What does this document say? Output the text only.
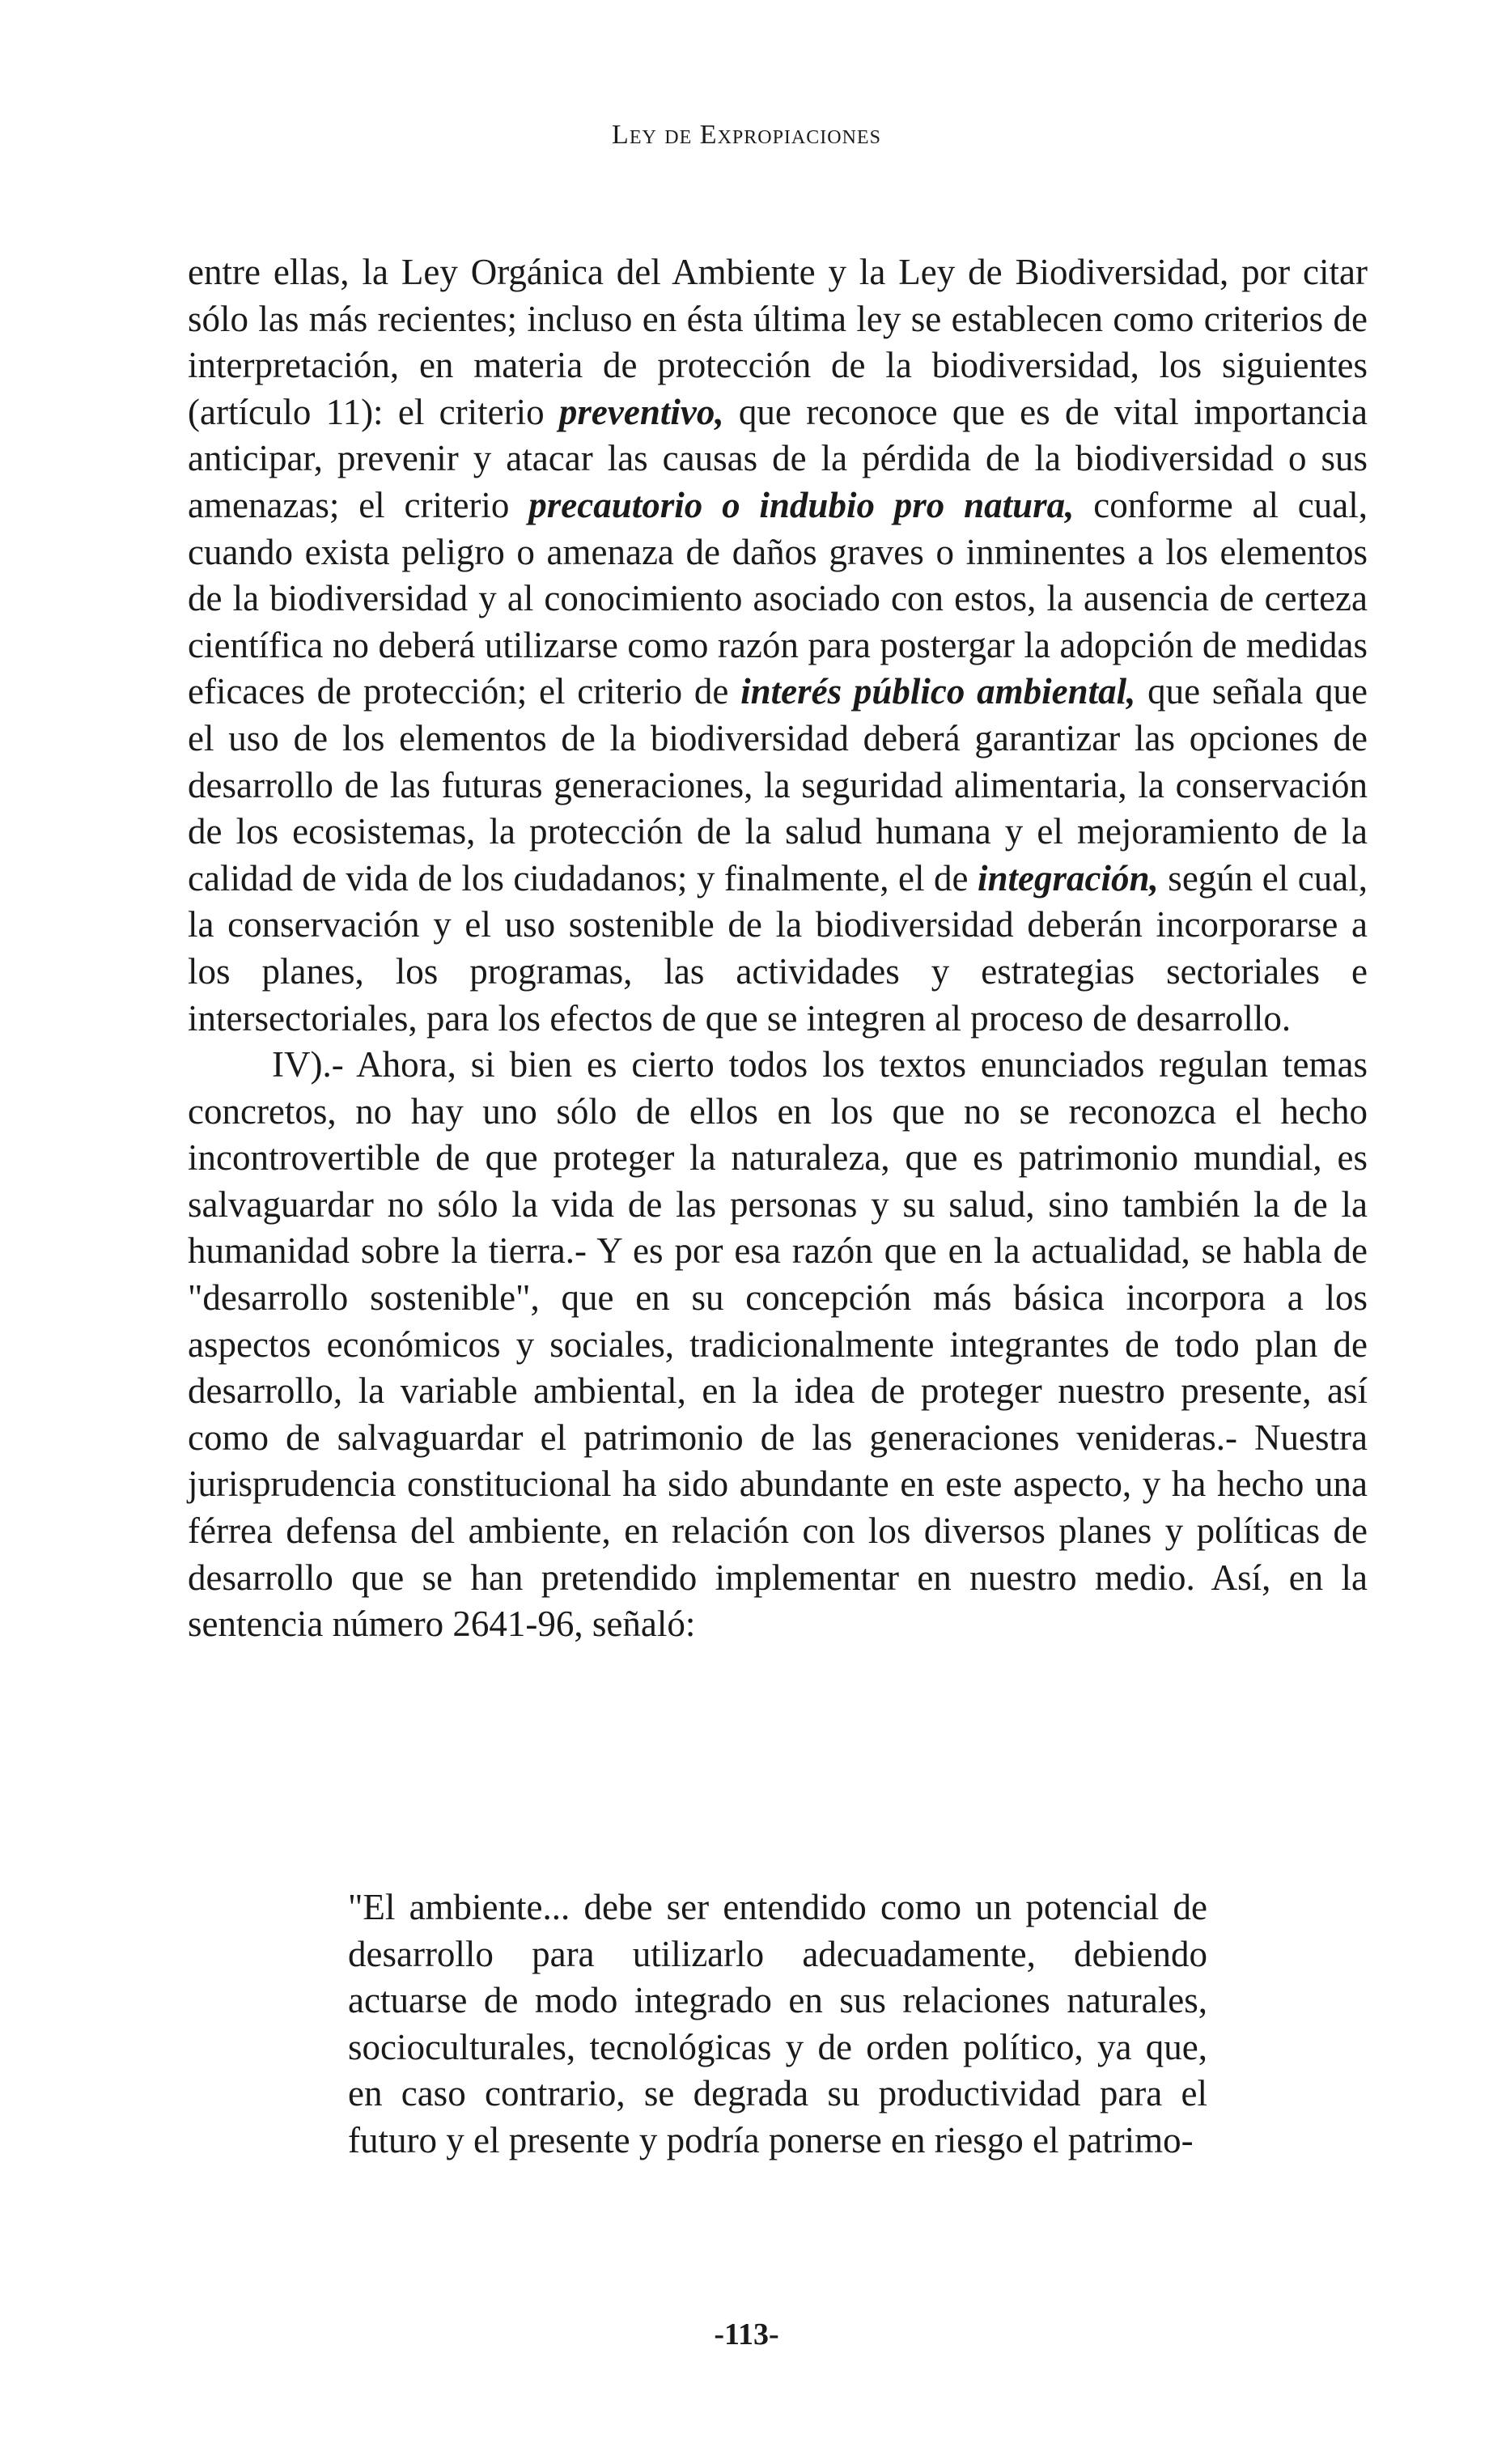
Ley de Expropiaciones

entre ellas, la Ley Orgánica del Ambiente y la Ley de Biodiversidad, por citar sólo las más recientes; incluso en ésta última ley se establecen como criterios de interpretación, en materia de protección de la biodiversidad, los siguientes (artículo 11): el criterio preventivo, que reconoce que es de vital importancia anticipar, prevenir y atacar las causas de la pérdida de la biodiversidad o sus amenazas; el criterio precautorio o indubio pro natura, conforme al cual, cuando exista peligro o amenaza de daños graves o inminentes a los elementos de la biodiversidad y al conocimiento asociado con estos, la ausencia de certeza científica no deberá utilizarse como razón para postergar la adopción de medidas eficaces de protección; el criterio de interés público ambiental, que señala que el uso de los elementos de la biodiversidad deberá garantizar las opciones de desarrollo de las futuras generaciones, la seguridad alimentaria, la conservación de los ecosistemas, la protección de la salud humana y el mejoramiento de la calidad de vida de los ciudadanos; y finalmente, el de integración, según el cual, la conservación y el uso sostenible de la biodiversidad deberán incorporarse a los planes, los programas, las actividades y estrategias sectoriales e intersectoriales, para los efectos de que se integren al proceso de desarrollo.

IV).- Ahora, si bien es cierto todos los textos enunciados regulan temas concretos, no hay uno sólo de ellos en los que no se reconozca el hecho incontrovertible de que proteger la naturaleza, que es patrimonio mundial, es salvaguardar no sólo la vida de las personas y su salud, sino también la de la humanidad sobre la tierra.- Y es por esa razón que en la actualidad, se habla de "desarrollo sostenible", que en su concepción más básica incorpora a los aspectos económicos y sociales, tradicionalmente integrantes de todo plan de desarrollo, la variable ambiental, en la idea de proteger nuestro presente, así como de salvaguardar el patrimonio de las generaciones venideras.- Nuestra jurisprudencia constitucional ha sido abundante en este aspecto, y ha hecho una férrea defensa del ambiente, en relación con los diversos planes y políticas de desarrollo que se han pretendido implementar en nuestro medio. Así, en la sentencia número 2641-96, señaló:

"El ambiente... debe ser entendido como un potencial de desarrollo para utilizarlo adecuadamente, debiendo actuarse de modo integrado en sus relaciones naturales, socioculturales, tecnológicas y de orden político, ya que, en caso contrario, se degrada su productividad para el futuro y el presente y podría ponerse en riesgo el patrimo-
-113-
